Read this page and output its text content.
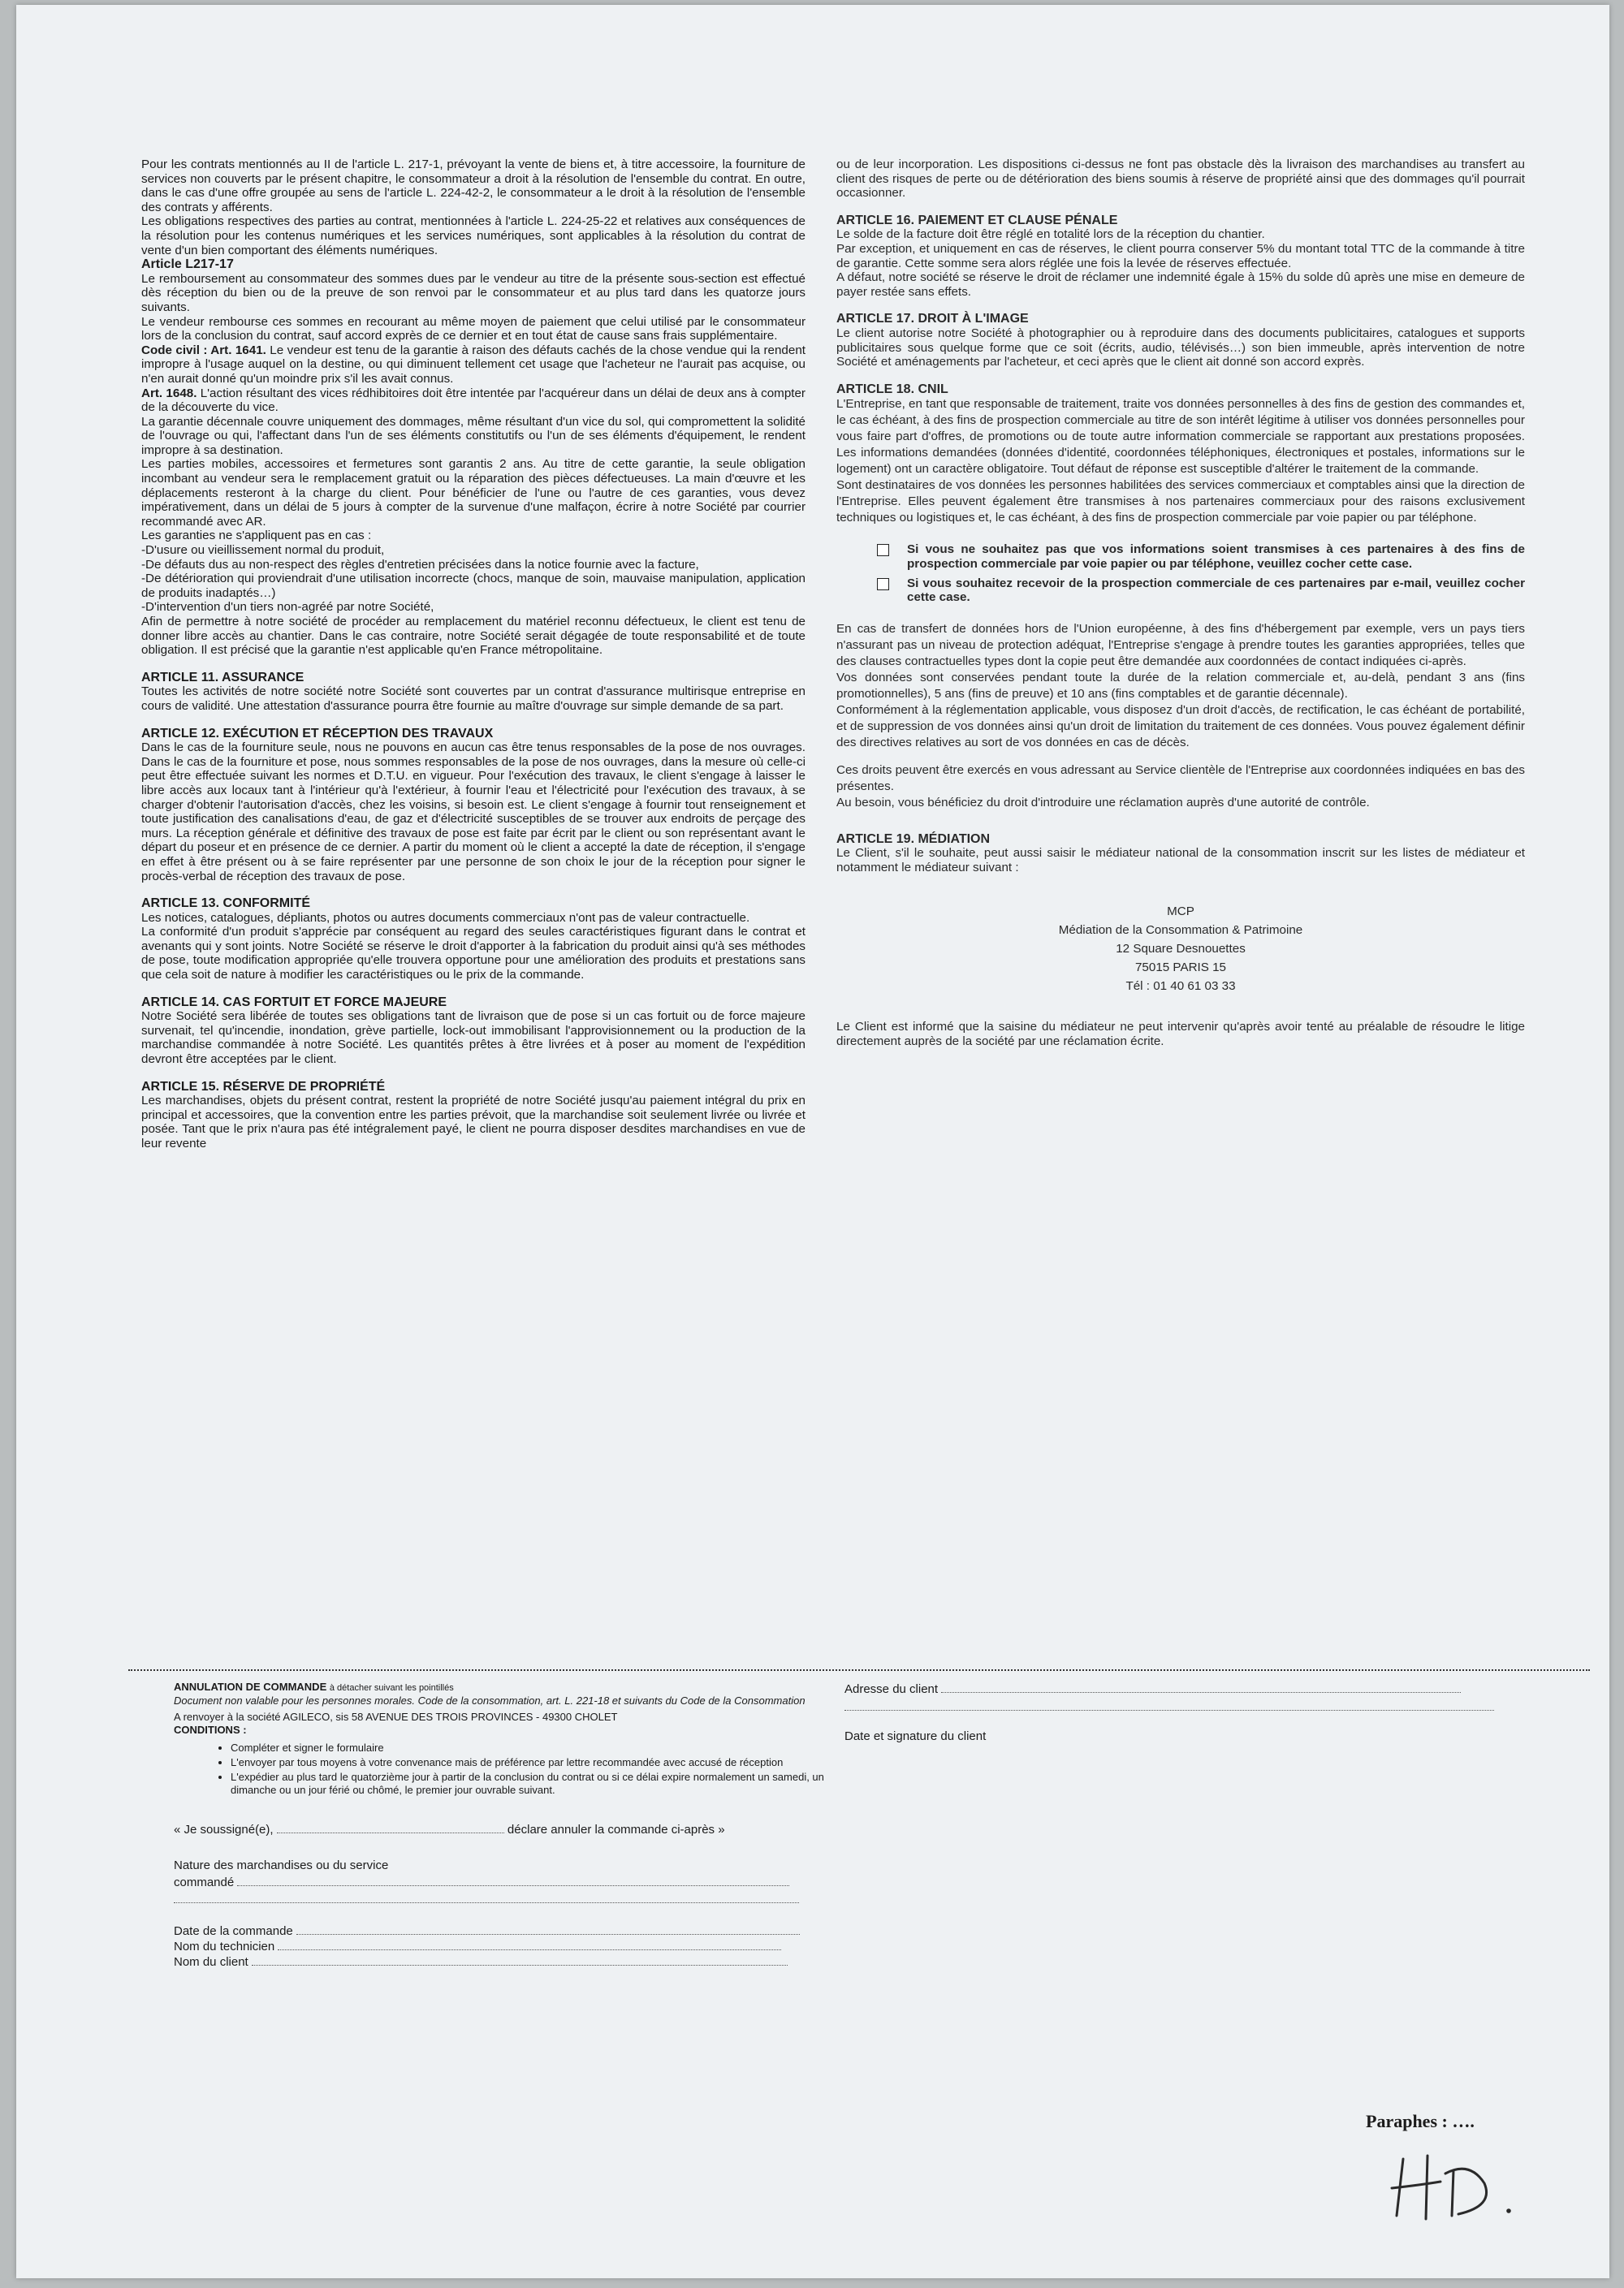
Pour les contrats mentionnés au II de l'article L. 217-1, prévoyant la vente de biens et, à titre accessoire, la fourniture de services non couverts par le présent chapitre, le consommateur a droit à la résolution de l'ensemble du contrat. En outre, dans le cas d'une offre groupée au sens de l'article L. 224-42-2, le consommateur a le droit à la résolution de l'ensemble des contrats y afférents.

Les obligations respectives des parties au contrat, mentionnées à l'article L. 224-25-22 et relatives aux conséquences de la résolution pour les contenus numériques et les services numériques, sont applicables à la résolution du contrat de vente d'un bien comportant des éléments numériques.

Article L217-17

Le remboursement au consommateur des sommes dues par le vendeur au titre de la présente sous-section est effectué dès réception du bien ou de la preuve de son renvoi par le consommateur et au plus tard dans les quatorze jours suivants.

Le vendeur rembourse ces sommes en recourant au même moyen de paiement que celui utilisé par le consommateur lors de la conclusion du contrat, sauf accord exprès de ce dernier et en tout état de cause sans frais supplémentaire.

Code civil : Art. 1641. Le vendeur est tenu de la garantie à raison des défauts cachés de la chose vendue qui la rendent impropre à l'usage auquel on la destine, ou qui diminuent tellement cet usage que l'acheteur ne l'aurait pas acquise, ou n'en aurait donné qu'un moindre prix s'il les avait connus.

Art. 1648. L'action résultant des vices rédhibitoires doit être intentée par l'acquéreur dans un délai de deux ans à compter de la découverte du vice.

La garantie décennale couvre uniquement des dommages, même résultant d'un vice du sol, qui compromettent la solidité de l'ouvrage ou qui, l'affectant dans l'un de ses éléments constitutifs ou l'un de ses éléments d'équipement, le rendent impropre à sa destination.

Les parties mobiles, accessoires et fermetures sont garantis 2 ans. Au titre de cette garantie, la seule obligation incombant au vendeur sera le remplacement gratuit ou la réparation des pièces défectueuses. La main d'œuvre et les déplacements resteront à la charge du client. Pour bénéficier de l'une ou l'autre de ces garanties, vous devez impérativement, dans un délai de 5 jours à compter de la survenue d'une malfaçon, écrire à notre Société par courrier recommandé avec AR.

Les garanties ne s'appliquent pas en cas :

-D'usure ou vieillissement normal du produit,

-De défauts dus au non-respect des règles d'entretien précisées dans la notice fournie avec la facture,

-De détérioration qui proviendrait d'une utilisation incorrecte (chocs, manque de soin, mauvaise manipulation, application de produits inadaptés…)

-D'intervention d'un tiers non-agréé par notre Société,

Afin de permettre à notre société de procéder au remplacement du matériel reconnu défectueux, le client est tenu de donner libre accès au chantier. Dans le cas contraire, notre Société serait dégagée de toute responsabilité et de toute obligation. Il est précisé que la garantie n'est applicable qu'en France métropolitaine.

ARTICLE 11. ASSURANCE

Toutes les activités de notre société notre Société sont couvertes par un contrat d'assurance multirisque entreprise en cours de validité. Une attestation d'assurance pourra être fournie au maître d'ouvrage sur simple demande de sa part.

ARTICLE 12. EXÉCUTION ET RÉCEPTION DES TRAVAUX

Dans le cas de la fourniture seule, nous ne pouvons en aucun cas être tenus responsables de la pose de nos ouvrages. Dans le cas de la fourniture et pose, nous sommes responsables de la pose de nos ouvrages, dans la mesure où celle-ci peut être effectuée suivant les normes et D.T.U. en vigueur. Pour l'exécution des travaux, le client s'engage à laisser le libre accès aux locaux tant à l'intérieur qu'à l'extérieur, à fournir l'eau et l'électricité pour l'exécution des travaux, à se charger d'obtenir l'autorisation d'accès, chez les voisins, si besoin est. Le client s'engage à fournir tout renseignement et toute justification des canalisations d'eau, de gaz et d'électricité susceptibles de se trouver aux endroits de perçage des murs. La réception générale et définitive des travaux de pose est faite par écrit par le client ou son représentant avant le départ du poseur et en présence de ce dernier. A partir du moment où le client a accepté la date de réception, il s'engage en effet à être présent ou à se faire représenter par une personne de son choix le jour de la réception pour signer le procès-verbal de réception des travaux de pose.

ARTICLE 13. CONFORMITÉ

Les notices, catalogues, dépliants, photos ou autres documents commerciaux n'ont pas de valeur contractuelle.

La conformité d'un produit s'apprécie par conséquent au regard des seules caractéristiques figurant dans le contrat et avenants qui y sont joints. Notre Société se réserve le droit d'apporter à la fabrication du produit ainsi qu'à ses méthodes de pose, toute modification appropriée qu'elle trouvera opportune pour une amélioration des produits et prestations sans que cela soit de nature à modifier les caractéristiques ou le prix de la commande.

ARTICLE 14. CAS FORTUIT ET FORCE MAJEURE

Notre Société sera libérée de toutes ses obligations tant de livraison que de pose si un cas fortuit ou de force majeure survenait, tel qu'incendie, inondation, grève partielle, lock-out immobilisant l'approvisionnement ou la production de la marchandise commandée à notre Société. Les quantités prêtes à être livrées et à poser au moment de l'expédition devront être acceptées par le client.

ARTICLE 15. RÉSERVE DE PROPRIÉTÉ

Les marchandises, objets du présent contrat, restent la propriété de notre Société jusqu'au paiement intégral du prix en principal et accessoires, que la convention entre les parties prévoit, que la marchandise soit seulement livrée ou livrée et posée. Tant que le prix n'aura pas été intégralement payé, le client ne pourra disposer desdites marchandises en vue de leur revente

ou de leur incorporation. Les dispositions ci-dessus ne font pas obstacle dès la livraison des marchandises au transfert au client des risques de perte ou de détérioration des biens soumis à réserve de propriété ainsi que des dommages qu'il pourrait occasionner.

ARTICLE 16. PAIEMENT ET CLAUSE PÉNALE

Le solde de la facture doit être réglé en totalité lors de la réception du chantier.

Par exception, et uniquement en cas de réserves, le client pourra conserver 5% du montant total TTC de la commande à titre de garantie. Cette somme sera alors réglée une fois la levée de réserves effectuée.

A défaut, notre société se réserve le droit de réclamer une indemnité égale à 15% du solde dû après une mise en demeure de payer restée sans effets.

ARTICLE 17. DROIT À L'IMAGE

Le client autorise notre Société à photographier ou à reproduire dans des documents publicitaires, catalogues et supports publicitaires sous quelque forme que ce soit (écrits, audio, télévisés…) son bien immeuble, après intervention de notre Société et aménagements par l'acheteur, et ceci après que le client ait donné son accord exprès.

ARTICLE 18. CNIL

L'Entreprise, en tant que responsable de traitement, traite vos données personnelles à des fins de gestion des commandes et, le cas échéant, à des fins de prospection commerciale au titre de son intérêt légitime à utiliser vos données personnelles pour vous faire part d'offres, de promotions ou de toute autre information commerciale se rapportant aux prestations proposées. Les informations demandées (données d'identité, coordonnées téléphoniques, électroniques et postales, informations sur le logement) ont un caractère obligatoire. Tout défaut de réponse est susceptible d'altérer le traitement de la commande.

Sont destinataires de vos données les personnes habilitées des services commerciaux et comptables ainsi que la direction de l'Entreprise. Elles peuvent également être transmises à nos partenaires commerciaux pour des raisons exclusivement techniques ou logistiques et, le cas échéant, à des fins de prospection commerciale par voie papier ou par téléphone.

Si vous ne souhaitez pas que vos informations soient transmises à ces partenaires à des fins de prospection commerciale par voie papier ou par téléphone, veuillez cocher cette case.
Si vous souhaitez recevoir de la prospection commerciale de ces partenaires par e-mail, veuillez cocher cette case.

En cas de transfert de données hors de l'Union européenne, à des fins d'hébergement par exemple, vers un pays tiers n'assurant pas un niveau de protection adéquat, l'Entreprise s'engage à prendre toutes les garanties appropriées, telles que des clauses contractuelles types dont la copie peut être demandée aux coordonnées de contact indiquées ci-après.

Vos données sont conservées pendant toute la durée de la relation commerciale et, au-delà, pendant 3 ans (fins promotionnelles), 5 ans (fins de preuve) et 10 ans (fins comptables et de garantie décennale).

Conformément à la réglementation applicable, vous disposez d'un droit d'accès, de rectification, le cas échéant de portabilité, et de suppression de vos données ainsi qu'un droit de limitation du traitement de ces données. Vous pouvez également définir des directives relatives au sort de vos données en cas de décès.

Ces droits peuvent être exercés en vous adressant au Service clientèle de l'Entreprise aux coordonnées indiquées en bas des présentes.

Au besoin, vous bénéficiez du droit d'introduire une réclamation auprès d'une autorité de contrôle.

ARTICLE 19. MÉDIATION

Le Client, s'il le souhaite, peut aussi saisir le médiateur national de la consommation inscrit sur les listes de médiateur et notamment le médiateur suivant :

MCP

Médiation de la Consommation & Patrimoine

12 Square Desnouettes

75015 PARIS 15

Tél : 01 40 61 03 33

Le Client est informé que la saisine du médiateur ne peut intervenir qu'après avoir tenté au préalable de résoudre le litige directement auprès de la société par une réclamation écrite.

ANNULATION DE COMMANDE à détacher suivant les pointillés
Document non valable pour les personnes morales. Code de la consommation, art. L. 221-18 et suivants du Code de la Consommation
A renvoyer à la société AGILECO, sis 58 AVENUE DES TROIS PROVINCES - 49300 CHOLET
CONDITIONS :
• Compléter et signer le formulaire
• L'envoyer par tous moyens à votre convenance mais de préférence par lettre recommandée avec accusé de réception
• L'expédier au plus tard le quatorzième jour à partir de la conclusion du contrat ou si ce délai expire normalement un samedi, un dimanche ou un jour férié ou chômé, le premier jour ouvrable suivant.
« Je soussigné(e),	déclare annuler la commande ci-après »
Nature des marchandises ou du service
commandé
Date de la commande
Nom du technicien
Nom du client
Adresse du client
Date et signature du client
Paraphes : ….
